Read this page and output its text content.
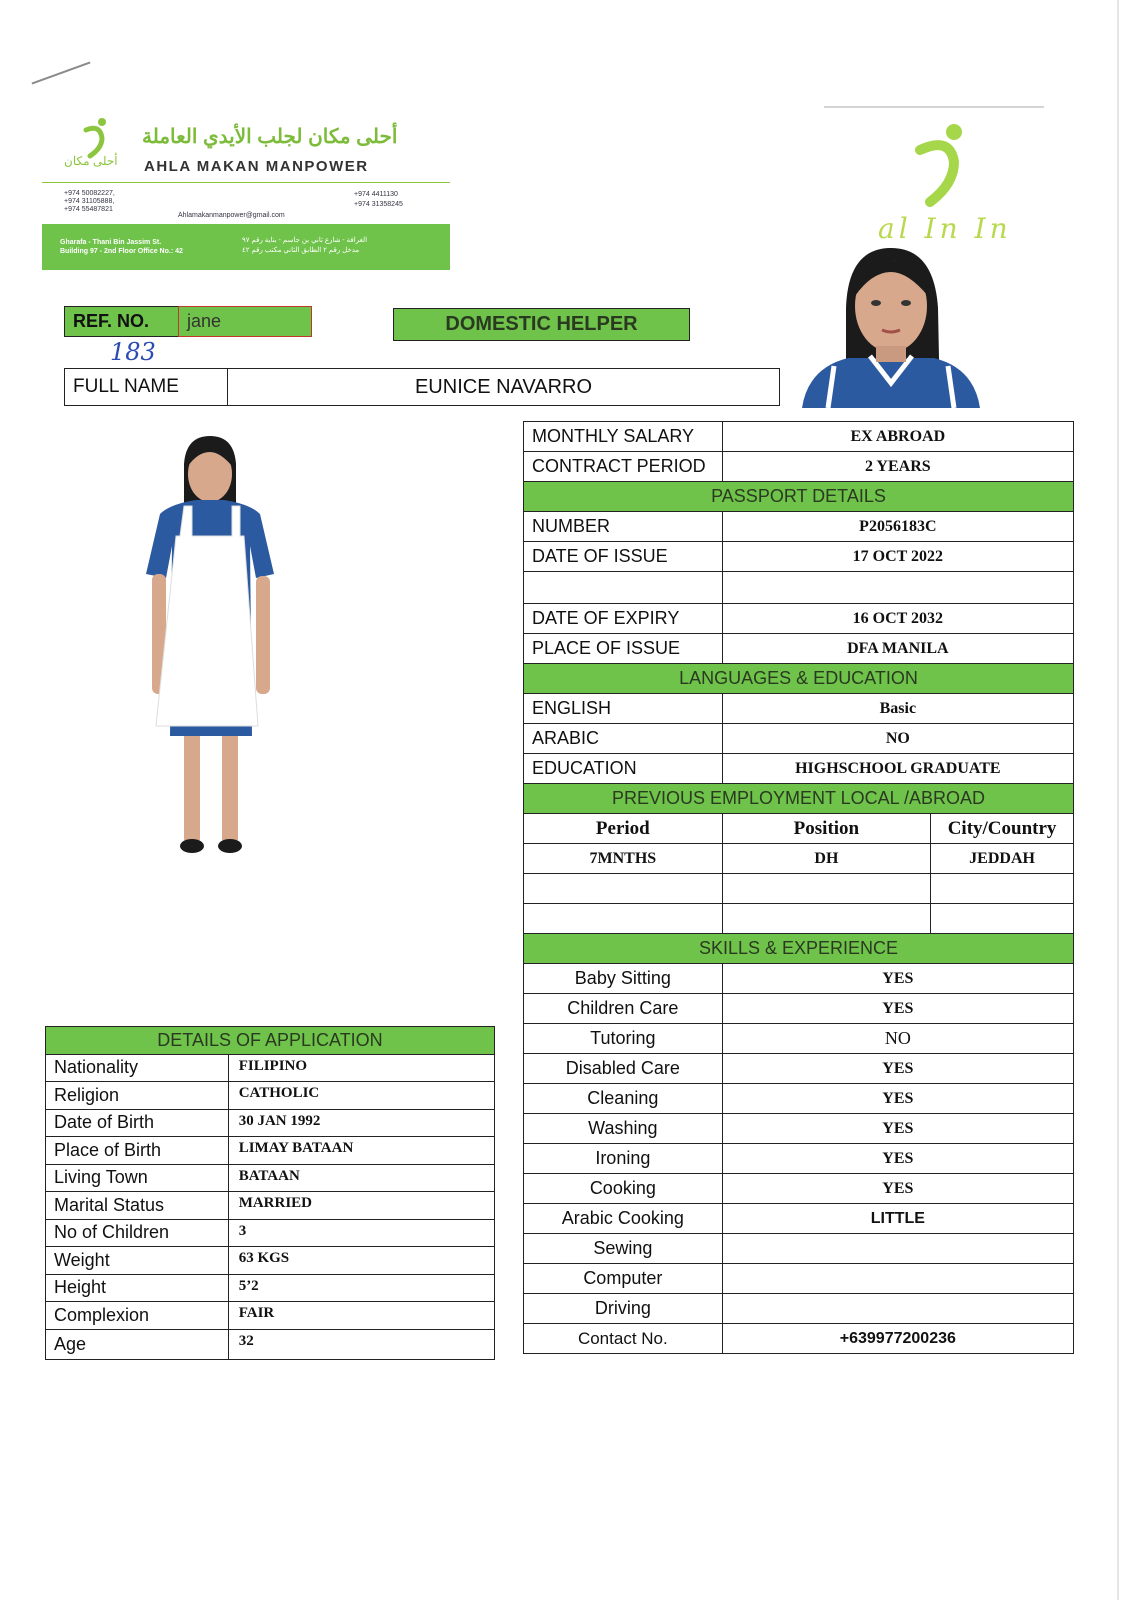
أحلى مكان
أحلى مكان لجلب الأيدي العاملة
AHLA MAKAN MANPOWER
+974 50082227,
+974 31105888,
+974 55487821
+974 4411130
+974 31358245
Ahlamakanmanpower@gmail.com
Gharafa - Thani Bin Jassim St.
Building 97 - 2nd Floor Office No.: 42
الغرافة - شارع ثاني بن جاسم - بناية رقم ٩٧
مدخل رقم ٢ الطابق الثاني مكتب رقم ٤٢
al In In
REF. NO.	jane
183
DOMESTIC HELPER
FULL NAME	EUNICE NAVARRO
MONTHLY SALARY	EX ABROAD	
CONTRACT PERIOD	2 YEARS	
PASSPORT DETAILS		
NUMBER	P2056183C	
DATE OF ISSUE	17 OCT 2022	

DATE OF EXPIRY	16 OCT 2032	
PLACE OF ISSUE	DFA MANILA	
LANGUAGES & EDUCATION		
ENGLISH	Basic	
ARABIC	NO	
EDUCATION	HIGHSCHOOL GRADUATE	
PREVIOUS EMPLOYMENT LOCAL /ABROAD		
Period	Position	City/Country
7MNTHS	DH	JEDDAH

SKILLS & EXPERIENCE		
Baby Sitting	YES	
Children Care	YES	
Tutoring	NO	
Disabled Care	YES	
Cleaning	YES	
Washing	YES	
Ironing	YES	
Cooking	YES	
Arabic Cooking	LITTLE	
Sewing		
Computer		
Driving		
Contact No.	+639977200236	
DETAILS OF APPLICATION	
Nationality	FILIPINO
Religion	CATHOLIC
Date of Birth	30 JAN 1992
Place of Birth	LIMAY BATAAN
Living Town	BATAAN
Marital Status	MARRIED
No of Children	3
Weight	63 KGS
Height	5’2
Complexion	FAIR
Age	32
